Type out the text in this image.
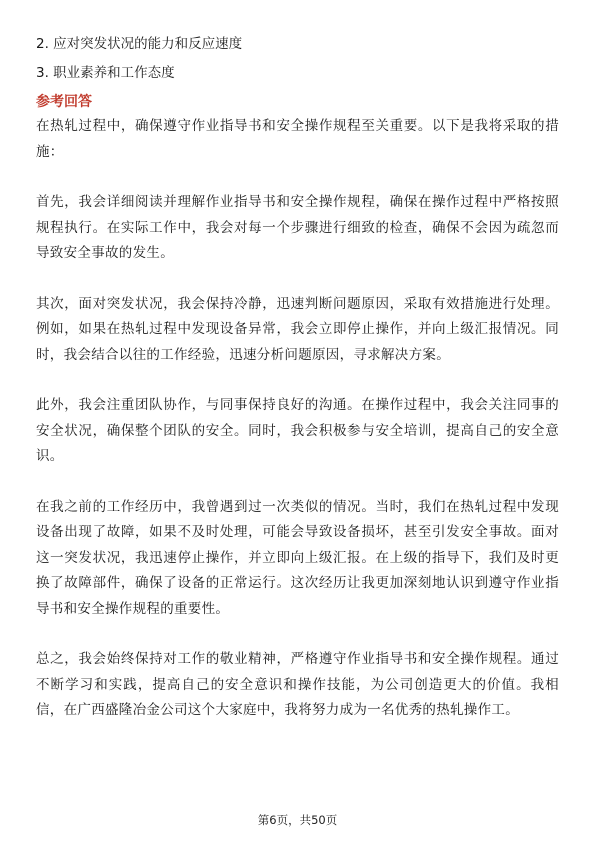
2. 应对突发状况的能力和反应速度
3. 职业素养和工作态度
参考回答

在热轧过程中，确保遵守作业指导书和安全操作规程至关重要。以下是我将采取的措施：

首先，我会详细阅读并理解作业指导书和安全操作规程，确保在操作过程中严格按照规程执行。在实际工作中，我会对每一个步骤进行细致的检查，确保不会因为疏忽而导致安全事故的发生。

其次，面对突发状况，我会保持冷静，迅速判断问题原因，采取有效措施进行处理。例如，如果在热轧过程中发现设备异常，我会立即停止操作，并向上级汇报情况。同时，我会结合以往的工作经验，迅速分析问题原因，寻求解决方案。

此外，我会注重团队协作，与同事保持良好的沟通。在操作过程中，我会关注同事的安全状况，确保整个团队的安全。同时，我会积极参与安全培训，提高自己的安全意识。

在我之前的工作经历中，我曾遇到过一次类似的情况。当时，我们在热轧过程中发现设备出现了故障，如果不及时处理，可能会导致设备损坏，甚至引发安全事故。面对这一突发状况，我迅速停止操作，并立即向上级汇报。在上级的指导下，我们及时更换了故障部件，确保了设备的正常运行。这次经历让我更加深刻地认识到遵守作业指导书和安全操作规程的重要性。

总之，我会始终保持对工作的敬业精神，严格遵守作业指导书和安全操作规程。通过不断学习和实践，提高自己的安全意识和操作技能，为公司创造更大的价值。我相信，在广西盛隆冶金公司这个大家庭中，我将努力成为一名优秀的热轧操作工。

第6页，共50页
